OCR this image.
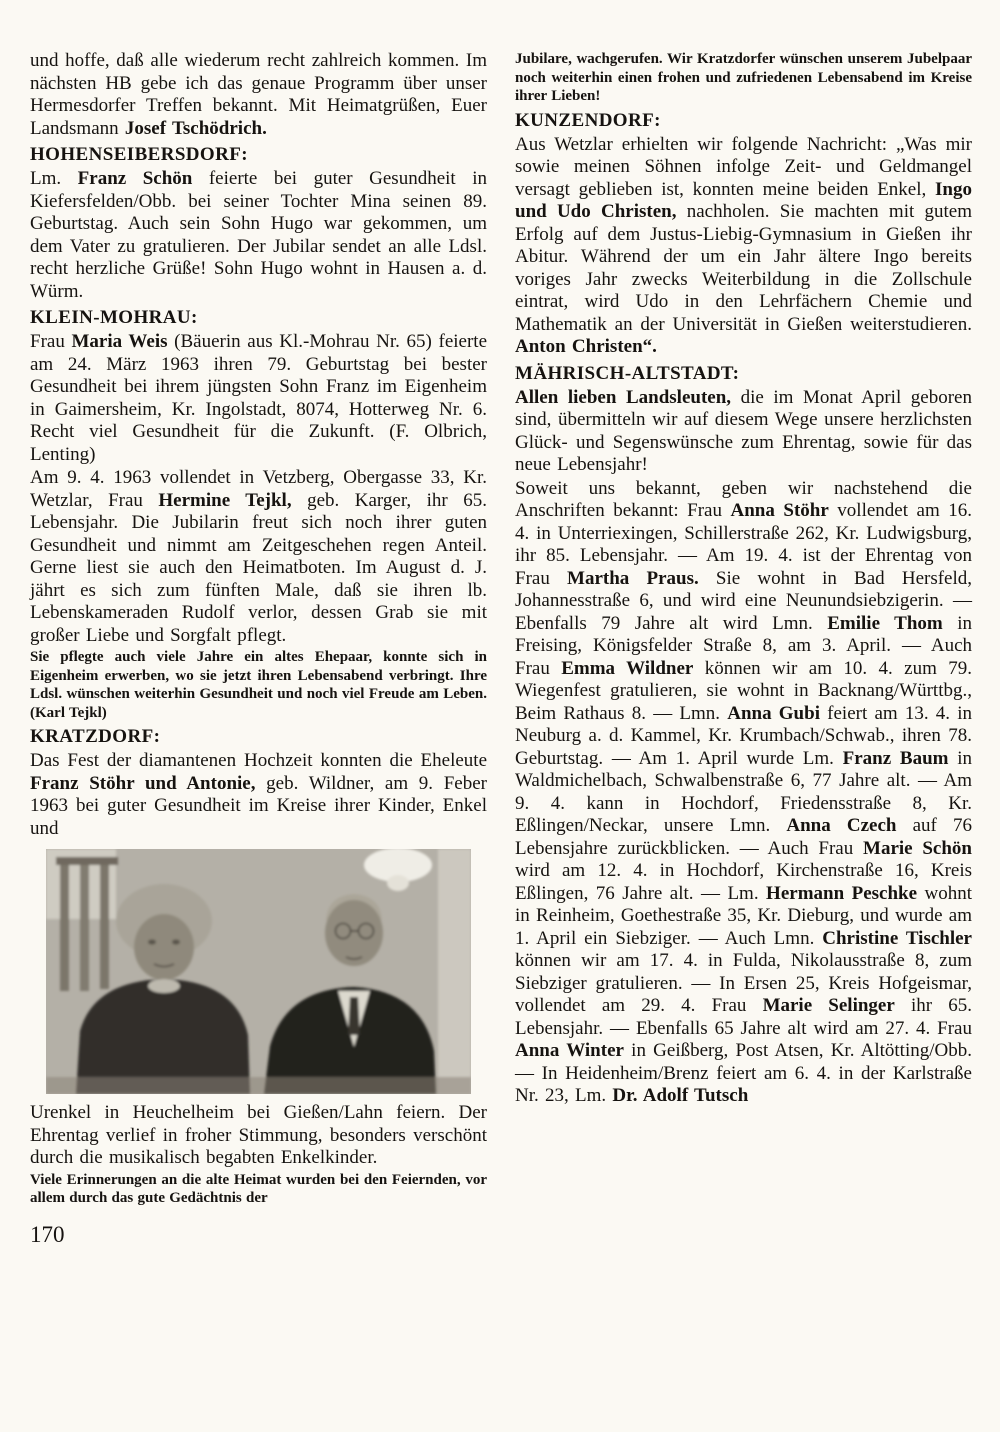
und hoffe, daß alle wiederum recht zahlreich kommen. Im nächsten HB gebe ich das genaue Programm über unser Hermesdorfer Treffen bekannt. Mit Heimatgrüßen, Euer Landsmann Josef Tschödrich.

HOHENSEIBERSDORF:

Lm. Franz Schön feierte bei guter Gesundheit in Kiefersfelden/Obb. bei seiner Tochter Mina seinen 89. Geburtstag. Auch sein Sohn Hugo war gekommen, um dem Vater zu gratulieren. Der Jubilar sendet an alle Ldsl. recht herzliche Grüße! Sohn Hugo wohnt in Hausen a. d. Würm.

KLEIN-MOHRAU:

Frau Maria Weis (Bäuerin aus Kl.-Mohrau Nr. 65) feierte am 24. März 1963 ihren 79. Geburtstag bei bester Gesundheit bei ihrem jüngsten Sohn Franz im Eigenheim in Gaimersheim, Kr. Ingolstadt, 8074, Hotterweg Nr. 6. Recht viel Gesundheit für die Zukunft. (F. Olbrich, Lenting)

Am 9. 4. 1963 vollendet in Vetzberg, Obergasse 33, Kr. Wetzlar, Frau Hermine Tejkl, geb. Karger, ihr 65. Lebensjahr. Die Jubilarin freut sich noch ihrer guten Gesundheit und nimmt am Zeitgeschehen regen Anteil. Gerne liest sie auch den Heimatboten. Im August d. J. jährt es sich zum fünften Male, daß sie ihren lb. Lebenskameraden Rudolf verlor, dessen Grab sie mit großer Liebe und Sorgfalt pflegt.

Sie pflegte auch viele Jahre ein altes Ehepaar, konnte sich in Eigenheim erwerben, wo sie jetzt ihren Lebensabend verbringt. Ihre Ldsl. wünschen weiterhin Gesundheit und noch viel Freude am Leben. (Karl Tejkl)

KRATZDORF:

Das Fest der diamantenen Hochzeit konnten die Eheleute Franz Stöhr und Antonie, geb. Wildner, am 9. Feber 1963 bei guter Gesundheit im Kreise ihrer Kinder, Enkel und

Urenkel in Heuchelheim bei Gießen/Lahn feiern. Der Ehrentag verlief in froher Stimmung, besonders verschönt durch die musikalisch begabten Enkelkinder.

Viele Erinnerungen an die alte Heimat wurden bei den Feiernden, vor allem durch das gute Gedächtnis der

170

Jubilare, wachgerufen. Wir Kratzdorfer wünschen unserem Jubelpaar noch weiterhin einen frohen und zufriedenen Lebensabend im Kreise ihrer Lieben!

KUNZENDORF:

Aus Wetzlar erhielten wir folgende Nachricht: „Was mir sowie meinen Söhnen infolge Zeit- und Geldmangel versagt geblieben ist, konnten meine beiden Enkel, Ingo und Udo Christen, nachholen. Sie machten mit gutem Erfolg auf dem Justus-Liebig-Gymnasium in Gießen ihr Abitur. Während der um ein Jahr ältere Ingo bereits voriges Jahr zwecks Weiterbildung in die Zollschule eintrat, wird Udo in den Lehrfächern Chemie und Mathematik an der Universität in Gießen weiterstudieren. Anton Christen“.

MÄHRISCH-ALTSTADT:

Allen lieben Landsleuten, die im Monat April geboren sind, übermitteln wir auf diesem Wege unsere herzlichsten Glück- und Segenswünsche zum Ehrentag, sowie für das neue Lebensjahr!

Soweit uns bekannt, geben wir nachstehend die Anschriften bekannt: Frau Anna Stöhr vollendet am 16. 4. in Unterriexingen, Schillerstraße 262, Kr. Ludwigsburg, ihr 85. Lebensjahr. — Am 19. 4. ist der Ehrentag von Frau Martha Praus. Sie wohnt in Bad Hersfeld, Johannesstraße 6, und wird eine Neunundsiebzigerin. — Ebenfalls 79 Jahre alt wird Lmn. Emilie Thom in Freising, Königsfelder Straße 8, am 3. April. — Auch Frau Emma Wildner können wir am 10. 4. zum 79. Wiegenfest gratulieren, sie wohnt in Backnang/Württbg., Beim Rathaus 8. — Lmn. Anna Gubi feiert am 13. 4. in Neuburg a. d. Kammel, Kr. Krumbach/Schwab., ihren 78. Geburtstag. — Am 1. April wurde Lm. Franz Baum in Waldmichelbach, Schwalbenstraße 6, 77 Jahre alt. — Am 9. 4. kann in Hochdorf, Friedensstraße 8, Kr. Eßlingen/Neckar, unsere Lmn. Anna Czech auf 76 Lebensjahre zurückblicken. — Auch Frau Marie Schön wird am 12. 4. in Hochdorf, Kirchenstraße 16, Kreis Eßlingen, 76 Jahre alt. — Lm. Hermann Peschke wohnt in Reinheim, Goethestraße 35, Kr. Dieburg, und wurde am 1. April ein Siebziger. — Auch Lmn. Christine Tischler können wir am 17. 4. in Fulda, Nikolausstraße 8, zum Siebziger gratulieren. — In Ersen 25, Kreis Hofgeismar, vollendet am 29. 4. Frau Marie Selinger ihr 65. Lebensjahr. — Ebenfalls 65 Jahre alt wird am 27. 4. Frau Anna Winter in Geißberg, Post Atsen, Kr. Altötting/Obb. — In Heidenheim/Brenz feiert am 6. 4. in der Karlstraße Nr. 23, Lm. Dr. Adolf Tutsch
